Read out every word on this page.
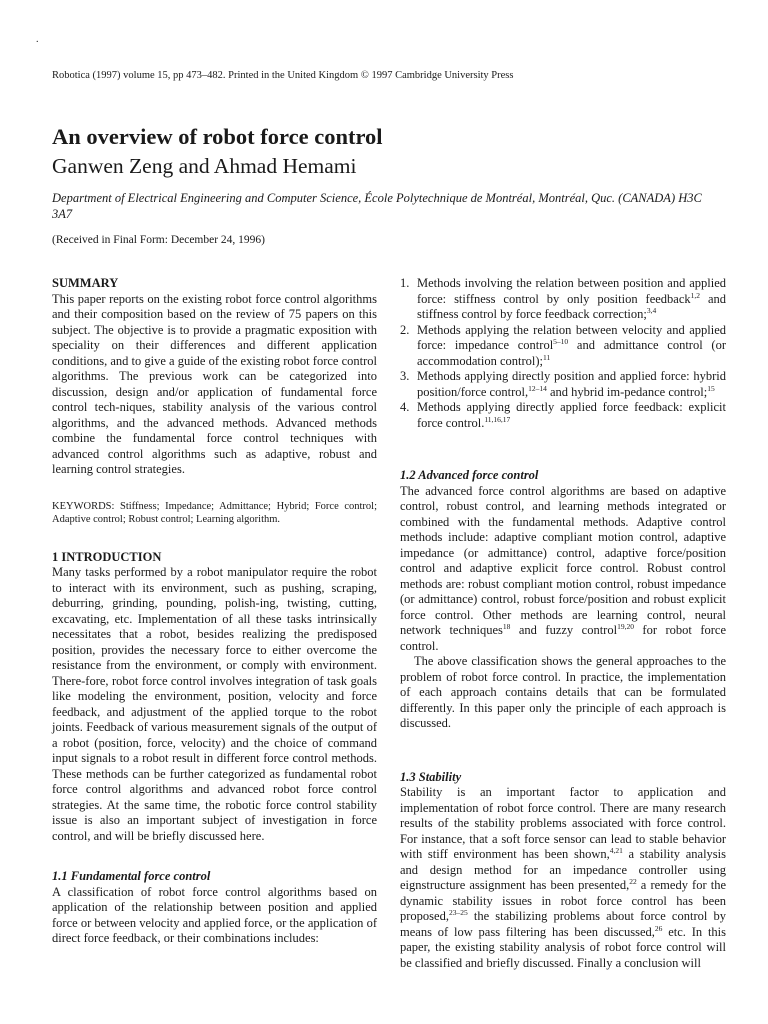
.
Robotica (1997) volume 15, pp 473–482. Printed in the United Kingdom © 1997 Cambridge University Press
An overview of robot force control
Ganwen Zeng and Ahmad Hemami
Department of Electrical Engineering and Computer Science, École Polytechnique de Montréal, Montréal, Quc. (CANADA) H3C 3A7
(Received in Final Form: December 24, 1996)
SUMMARY

This paper reports on the existing robot force control algorithms and their composition based on the review of 75 papers on this subject. The objective is to provide a pragmatic exposition with speciality on their differences and different application conditions, and to give a guide of the existing robot force control algorithms. The previous work can be categorized into discussion, design and/or application of fundamental force control tech-niques, stability analysis of the various control algorithms, and the advanced methods. Advanced methods combine the fundamental force control techniques with advanced control algorithms such as adaptive, robust and learning control strategies.

KEYWORDS: Stiffness; Impedance; Admittance; Hybrid; Force control; Adaptive control; Robust control; Learning algorithm.

1 INTRODUCTION

Many tasks performed by a robot manipulator require the robot to interact with its environment, such as pushing, scraping, deburring, grinding, pounding, polish-ing, twisting, cutting, excavating, etc. Implementation of all these tasks intrinsically necessitates that a robot, besides realizing the predisposed position, provides the necessary force to either overcome the resistance from the environment, or comply with environment. There-fore, robot force control involves integration of task goals like modeling the environment, position, velocity and force feedback, and adjustment of the applied torque to the robot joints. Feedback of various measurement signals of the output of a robot (position, force, velocity) and the choice of command input signals to a robot result in different force control methods. These methods can be further categorized as fundamental robot force control algorithms and advanced robot force control strategies. At the same time, the robotic force control stability issue is also an important subject of investigation in force control, and will be briefly discussed here.

1.1 Fundamental force control

A classification of robot force control algorithms based on application of the relationship between position and applied force or between velocity and applied force, or the application of direct force feedback, or their combinations includes:

1. Methods involving the relation between position and applied force: stiffness control by only position feedback$^{1,2}$ and stiffness control by force feedback correction;$^{3,4}$
2. Methods applying the relation between velocity and applied force: impedance control$^{5-10}$ and admittance control (or accommodation control);$^{11}$
3. Methods applying directly position and applied force: hybrid position/force control,$^{12-14}$ and hybrid im-pedance control;$^{15}$
4. Methods applying directly applied force feedback: explicit force control.$^{11,16,17}$
1.2 Advanced force control

The advanced force control algorithms are based on adaptive control, robust control, and learning methods integrated or combined with the fundamental methods. Adaptive control methods include: adaptive compliant motion control, adaptive impedance (or admittance) control, adaptive force/position control and adaptive explicit force control. Robust control methods are: robust compliant motion control, robust impedance (or admittance) control, robust force/position and robust explicit force control. Other methods are learning control, neural network techniques$^{18}$ and fuzzy control$^{19,20}$ for robot force control.

The above classification shows the general approaches to the problem of robot force control. In practice, the implementation of each approach contains details that can be formulated differently. In this paper only the principle of each approach is discussed.

1.3 Stability

Stability is an important factor to application and implementation of robot force control. There are many research results of the stability problems associated with force control. For instance, that a soft force sensor can lead to stable behavior with stiff environment has been shown,$^{4,21}$ a stability analysis and design method for an impedance controller using eignstructure assignment has been presented,$^{22}$ a remedy for the dynamic stability issues in robot force control has been proposed,$^{23-25}$ the stabilizing problems about force control by means of low pass filtering has been discussed,$^{26}$ etc. In this paper, the existing stability analysis of robot force control will be classified and briefly discussed. Finally a conclusion will
